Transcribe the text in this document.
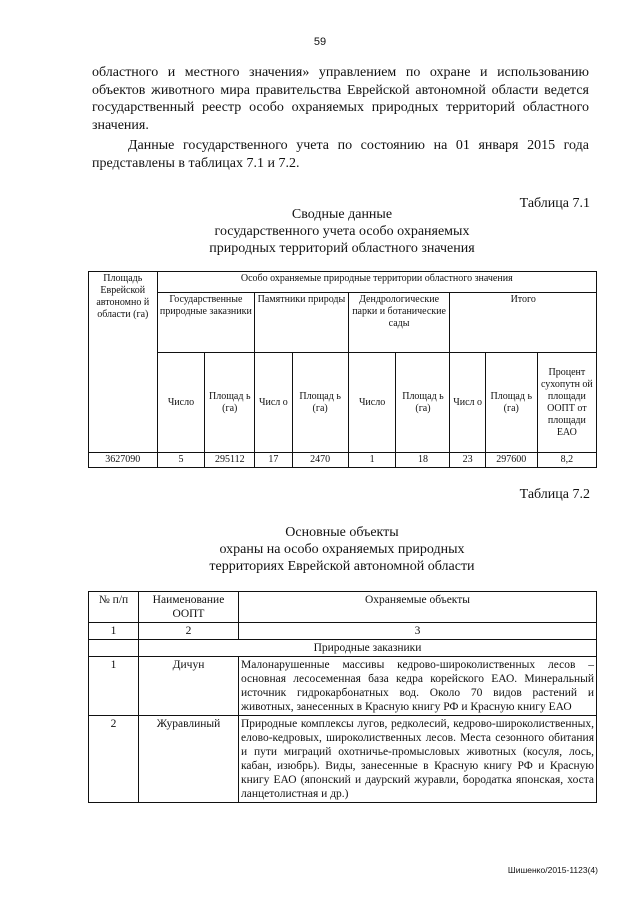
59
областного и местного значения» управлением по охране и использованию объектов животного мира правительства Еврейской автономной области ведется государственный реестр особо охраняемых природных территорий областного значения.
Данные государственного учета по состоянию на 01 января 2015 года представлены в таблицах 7.1 и 7.2.
Таблица 7.1
Сводные данные
государственного учета особо охраняемых
природных территорий областного значения
Площадь Еврейской автономно й области (га)	Особо охраняемые природные территории областного значения								
	Государственные природные заказники		Памятники природы		Дендрологические парки и ботанические сады		Итого		
	Число	Площад ь (га)	Числ о	Площад ь (га)	Число	Площад ь (га)	Числ о	Площад ь (га)	Процент сухопутн ой площади ООПТ от площади ЕАО
3627090	5	295112	17	2470	1	18	23	297600	8,2
Таблица 7.2
Основные объекты
охраны на особо охраняемых природных
территориях Еврейской автономной области
№ п/п	Наименование ООПТ	Охраняемые объекты
1	2	3
	Природные заказники	
1	Дичун	Малонарушенные массивы кедрово-широколиственных лесов – основная лесосеменная база кедра корейского ЕАО. Минеральный источник гидрокарбонатных вод. Около 70 видов растений и животных, занесенных в Красную книгу РФ и Красную книгу ЕАО
2	Журавлиный	Природные комплексы лугов, редколесий, кедрово-широколиственных, елово-кедровых, широколиственных лесов. Места сезонного обитания и пути миграций охотничье-промысловых животных (косуля, лось, кабан, изюбрь). Виды, занесенные в Красную книгу РФ и Красную книгу ЕАО (японский и даурский журавли, бородатка японская, хоста ланцетолистная и др.)
Шишенко/2015-1123(4)
